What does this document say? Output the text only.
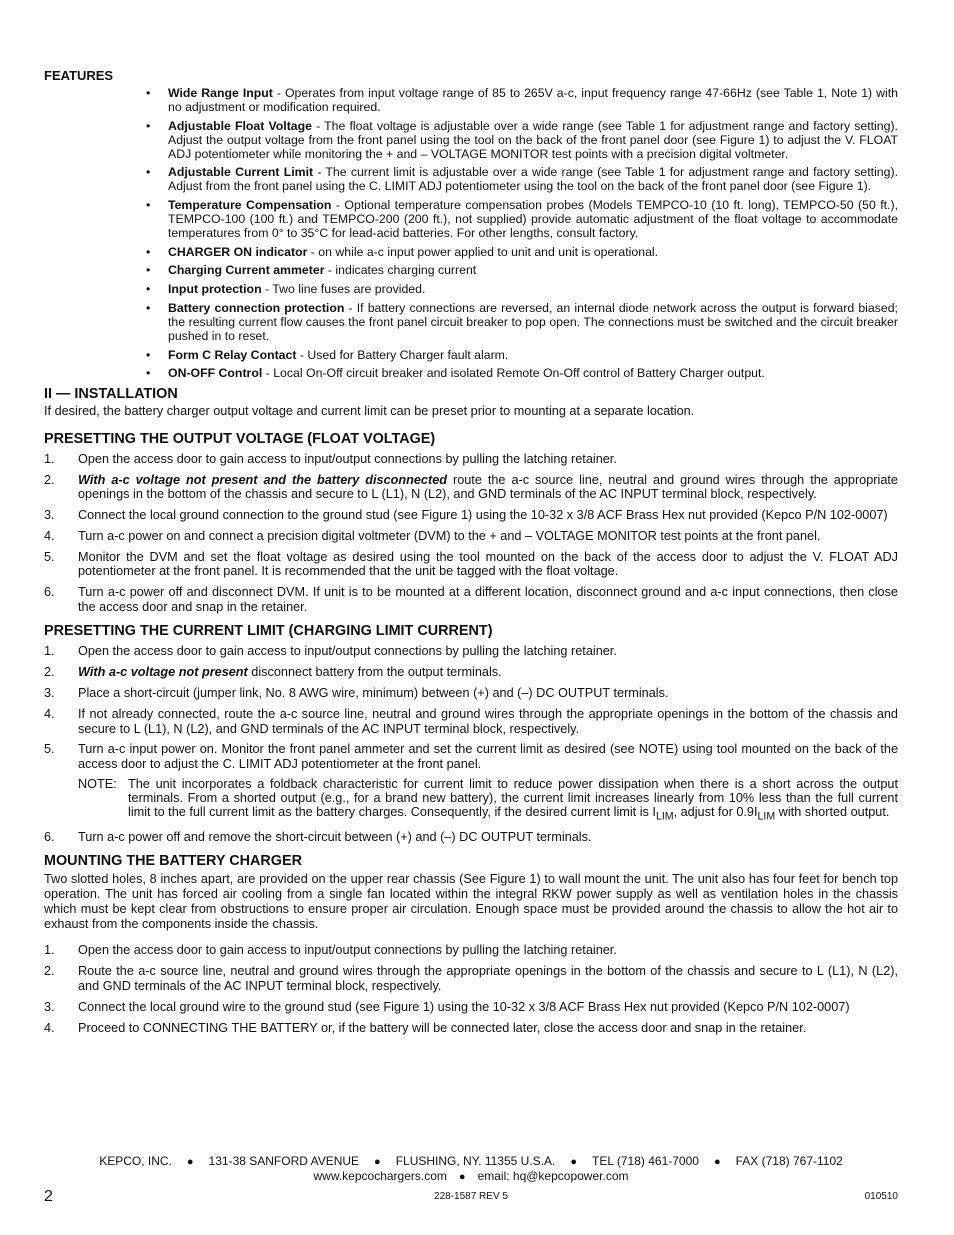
FEATURES
• Wide Range Input - Operates from input voltage range of 85 to 265V a-c, input frequency range 47-66Hz (see Table 1, Note 1) with no adjustment or modification required.
• Adjustable Float Voltage - The float voltage is adjustable over a wide range (see Table 1 for adjustment range and factory setting). Adjust the output voltage from the front panel using the tool on the back of the front panel door (see Figure 1) to adjust the V. FLOAT ADJ potentiometer while monitoring the + and – VOLTAGE MONITOR test points with a precision digital voltmeter.
• Adjustable Current Limit - The current limit is adjustable over a wide range (see Table 1 for adjustment range and factory setting). Adjust from the front panel using the C. LIMIT ADJ potentiometer using the tool on the back of the front panel door (see Figure 1).
• Temperature Compensation - Optional temperature compensation probes (Models TEMPCO-10 (10 ft. long), TEMPCO-50 (50 ft.), TEMPCO-100 (100 ft.) and TEMPCO-200 (200 ft.), not supplied) provide automatic adjustment of the float voltage to accommodate temperatures from 0° to 35°C for lead-acid batteries. For other lengths, consult factory.
• CHARGER ON indicator - on while a-c input power applied to unit and unit is operational.
• Charging Current ammeter - indicates charging current
• Input protection - Two line fuses are provided.
• Battery connection protection - If battery connections are reversed, an internal diode network across the output is forward biased; the resulting current flow causes the front panel circuit breaker to pop open. The connections must be switched and the circuit breaker pushed in to reset.
• Form C Relay Contact - Used for Battery Charger fault alarm.
• ON-OFF Control - Local On-Off circuit breaker and isolated Remote On-Off control of Battery Charger output.
II — INSTALLATION

If desired, the battery charger output voltage and current limit can be preset prior to mounting at a separate location.

PRESETTING THE OUTPUT VOLTAGE (FLOAT VOLTAGE)
1. Open the access door to gain access to input/output connections by pulling the latching retainer.
2. With a-c voltage not present and the battery disconnected route the a-c source line, neutral and ground wires through the appropriate openings in the bottom of the chassis and secure to L (L1), N (L2), and GND terminals of the AC INPUT terminal block, respectively.
3. Connect the local ground connection to the ground stud (see Figure 1) using the 10-32 x 3/8 ACF Brass Hex nut provided (Kepco P/N 102-0007)
4. Turn a-c power on and connect a precision digital voltmeter (DVM) to the + and – VOLTAGE MONITOR test points at the front panel.
5. Monitor the DVM and set the float voltage as desired using the tool mounted on the back of the access door to adjust the V. FLOAT ADJ potentiometer at the front panel. It is recommended that the unit be tagged with the float voltage.
6. Turn a-c power off and disconnect DVM. If unit is to be mounted at a different location, disconnect ground and a-c input connections, then close the access door and snap in the retainer.
PRESETTING THE CURRENT LIMIT (CHARGING LIMIT CURRENT)
1. Open the access door to gain access to input/output connections by pulling the latching retainer.
2. With a-c voltage not present disconnect battery from the output terminals.
3. Place a short-circuit (jumper link, No. 8 AWG wire, minimum) between (+) and (–) DC OUTPUT terminals.
4. If not already connected, route the a-c source line, neutral and ground wires through the appropriate openings in the bottom of the chassis and secure to L (L1), N (L2), and GND terminals of the AC INPUT terminal block, respectively.
5. Turn a-c input power on. Monitor the front panel ammeter and set the current limit as desired (see NOTE) using tool mounted on the back of the access door to adjust the C. LIMIT ADJ potentiometer at the front panel.
NOTE: The unit incorporates a foldback characteristic for current limit to reduce power dissipation when there is a short across the output terminals. From a shorted output (e.g., for a brand new battery), the current limit increases linearly from 10% less than the full current limit to the full current limit as the battery charges. Consequently, if the desired current limit is $I_{LIM}$, adjust for $0.9I_{LIM}$ with shorted output.
6. Turn a-c power off and remove the short-circuit between (+) and (–) DC OUTPUT terminals.
MOUNTING THE BATTERY CHARGER

Two slotted holes, 8 inches apart, are provided on the upper rear chassis (See Figure 1) to wall mount the unit. The unit also has four feet for bench top operation. The unit has forced air cooling from a single fan located within the integral RKW power supply as well as ventilation holes in the chassis which must be kept clear from obstructions to ensure proper air circulation. Enough space must be provided around the chassis to allow the hot air to exhaust from the components inside the chassis.

1. Open the access door to gain access to input/output connections by pulling the latching retainer.
2. Route the a-c source line, neutral and ground wires through the appropriate openings in the bottom of the chassis and secure to L (L1), N (L2), and GND terminals of the AC INPUT terminal block, respectively.
3. Connect the local ground wire to the ground stud (see Figure 1) using the 10-32 x 3/8 ACF Brass Hex nut provided (Kepco P/N 102-0007)
4. Proceed to CONNECTING THE BATTERY or, if the battery will be connected later, close the access door and snap in the retainer.
KEPCO, INC. ● 131-38 SANFORD AVENUE ● FLUSHING, NY. 11355 U.S.A. ● TEL (718) 461-7000 ● FAX (718) 767-1102
www.kepcochargers.com ● email: hq@kepcopower.com
2	228-1587 REV 5	010510
